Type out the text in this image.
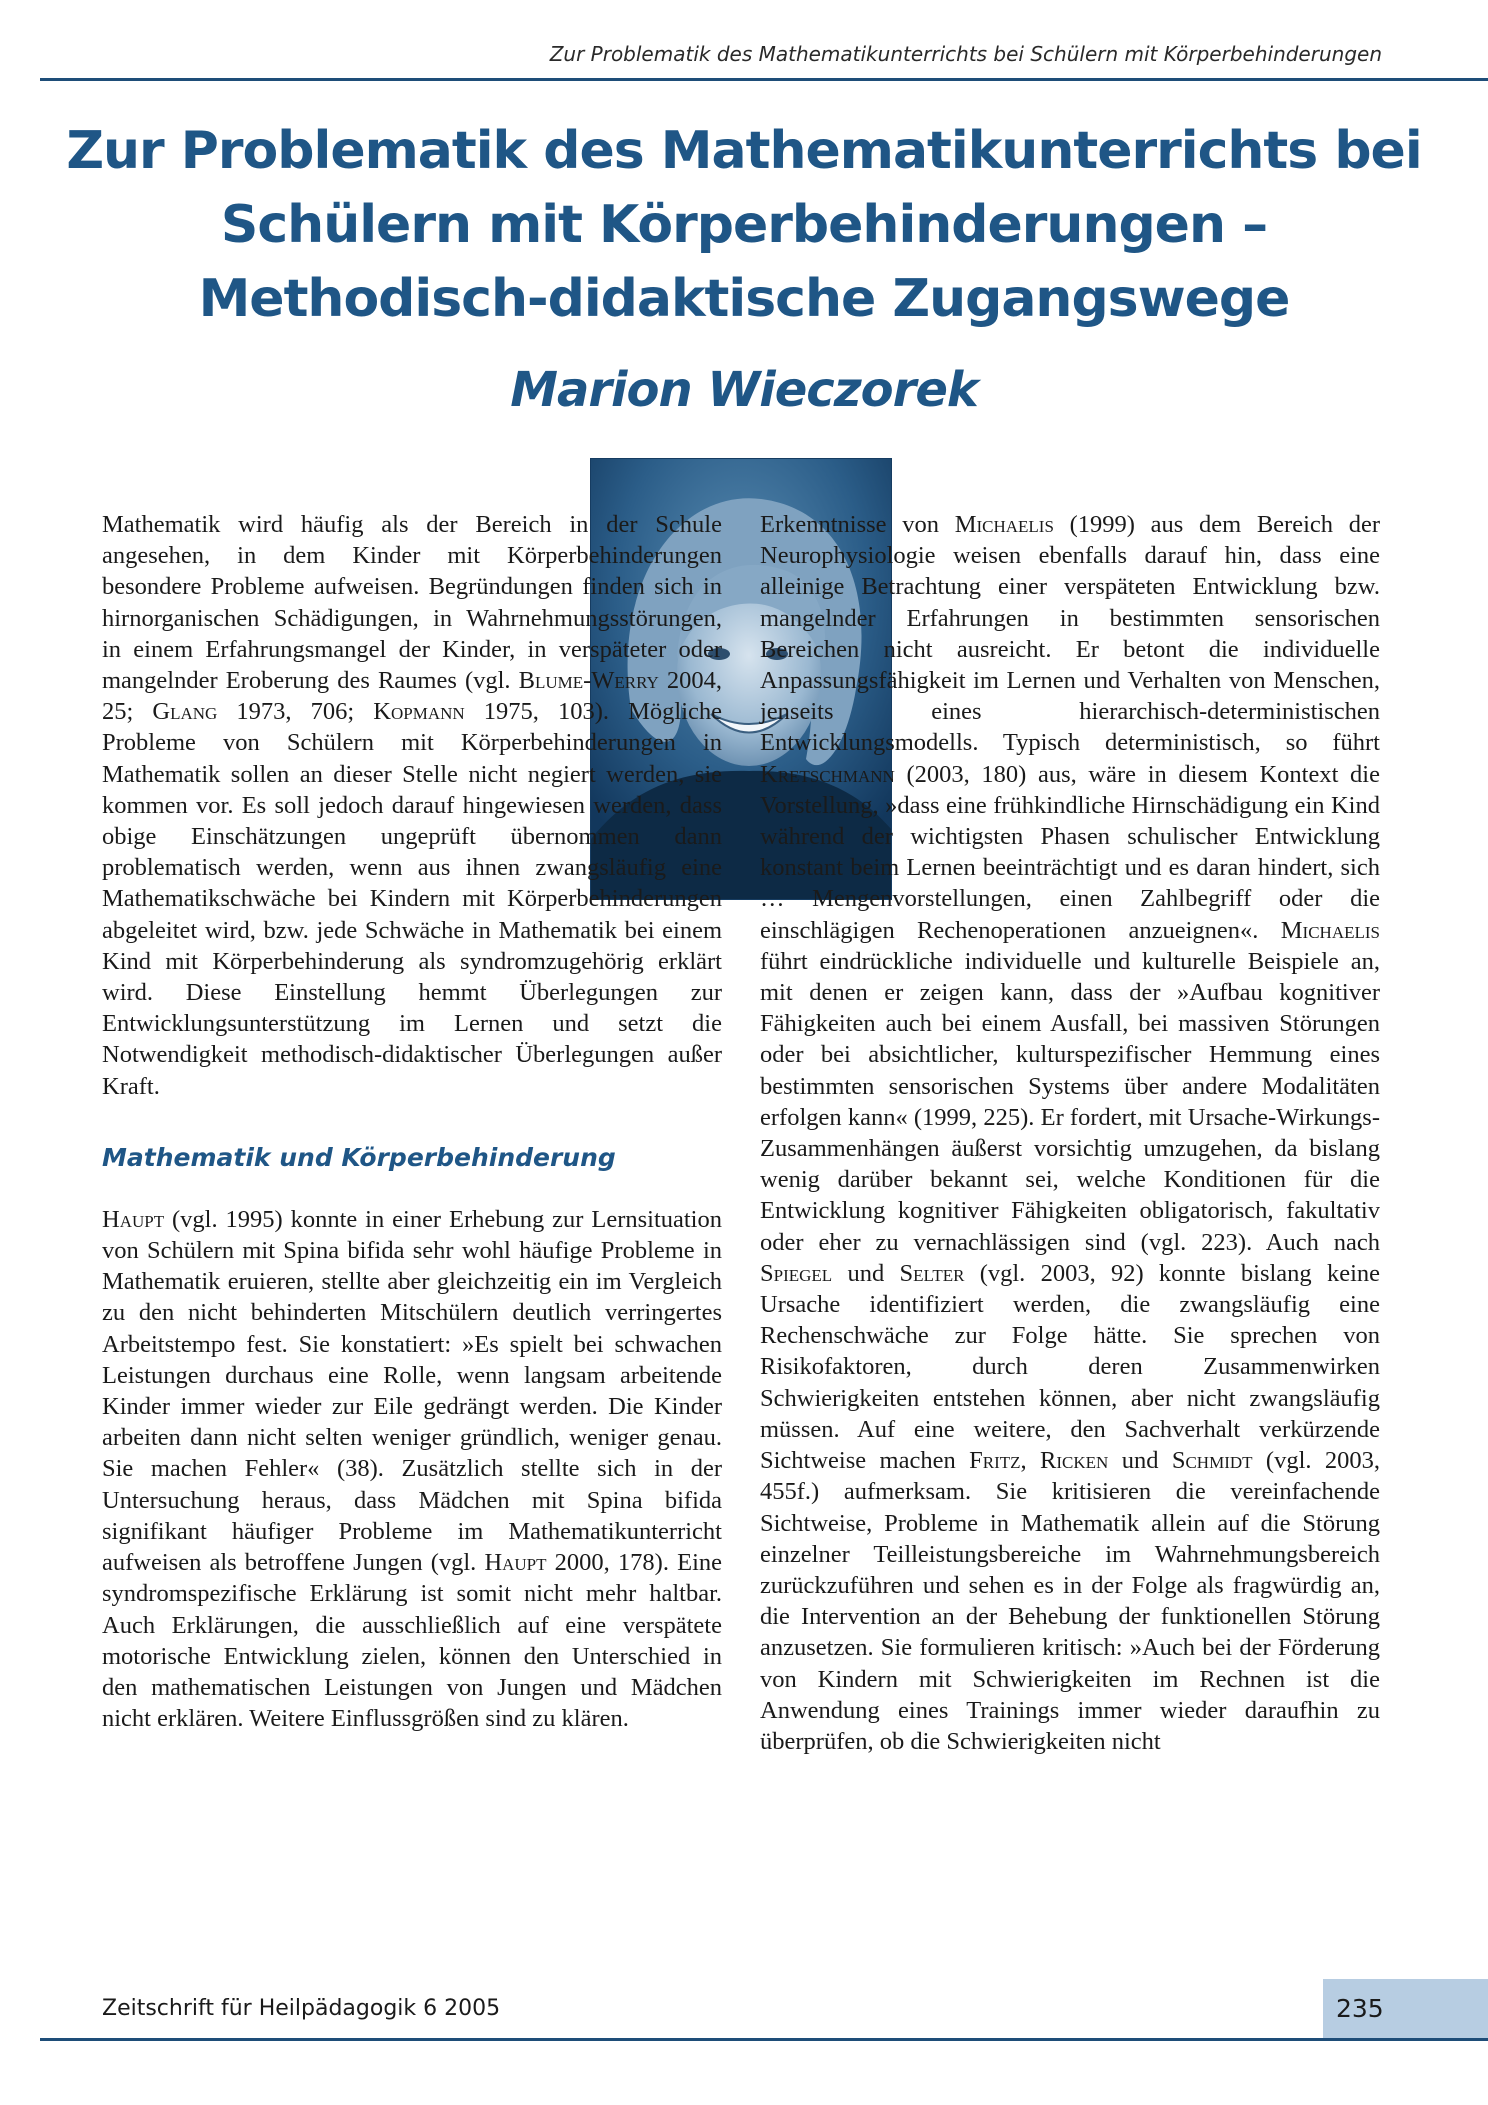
Zur Problematik des Mathematikunterrichts bei Schülern mit Körperbehinderungen
Zur Problematik des Mathematikunterrichts bei
Schülern mit Körperbehinderungen –
Methodisch-didaktische Zugangswege
Marion Wieczorek

Mathematik wird häufig als der Bereich in der Schule angesehen, in dem Kinder mit Körperbehinderungen besondere Probleme aufweisen. Begründungen finden sich in hirnorganischen Schädigungen, in Wahrnehmungsstörungen, in einem Erfahrungsmangel der Kinder, in verspäteter oder mangelnder Eroberung des Raumes (vgl. Blume-Werry 2004, 25; Glang 1973, 706; Kopmann 1975, 103). Mögliche Probleme von Schülern mit Körperbehinderungen in Mathematik sollen an dieser Stelle nicht negiert werden, sie kommen vor. Es soll jedoch darauf hingewiesen werden, dass obige Einschätzungen ungeprüft übernommen dann problematisch werden, wenn aus ihnen zwangsläufig eine Mathematikschwäche bei Kindern mit Körperbehinderungen abgeleitet wird, bzw. jede Schwäche in Mathematik bei einem Kind mit Körperbehinderung als syndromzugehörig erklärt wird. Diese Einstellung hemmt Überlegungen zur Entwicklungsunterstützung im Lernen und setzt die Notwendigkeit methodisch-didaktischer Überlegungen außer Kraft.

Mathematik und Körperbehinderung

Haupt (vgl. 1995) konnte in einer Erhebung zur Lernsituation von Schülern mit Spina bifida sehr wohl häufige Probleme in Mathematik eruieren, stellte aber gleichzeitig ein im Vergleich zu den nicht behinderten Mitschülern deutlich verringertes Arbeitstempo fest. Sie konstatiert: »Es spielt bei schwachen Leistungen durchaus eine Rolle, wenn langsam arbeitende Kinder immer wieder zur Eile gedrängt werden. Die Kinder arbeiten dann nicht selten weniger gründlich, weniger genau. Sie machen Fehler« (38). Zusätzlich stellte sich in der Untersuchung heraus, dass Mädchen mit Spina bifida signifikant häufiger Probleme im Mathematikunterricht aufweisen als betroffene Jungen (vgl. Haupt 2000, 178). Eine syndromspezifische Erklärung ist somit nicht mehr haltbar. Auch Erklärungen, die ausschließlich auf eine verspätete motorische Entwicklung zielen, können den Unterschied in den mathematischen Leistungen von Jungen und Mädchen nicht erklären. Weitere Einflussgrößen sind zu klären.

Erkenntnisse von Michaelis (1999) aus dem Bereich der Neurophysiologie weisen ebenfalls darauf hin, dass eine alleinige Betrachtung einer verspäteten Entwicklung bzw. mangelnder Erfahrungen in bestimmten sensorischen Bereichen nicht ausreicht. Er betont die individuelle Anpassungsfähigkeit im Lernen und Verhalten von Menschen, jenseits eines hierarchisch-deterministischen Entwicklungsmodells. Typisch deterministisch, so führt Kretschmann (2003, 180) aus, wäre in diesem Kontext die Vorstellung, »dass eine frühkindliche Hirnschädigung ein Kind während der wichtigsten Phasen schulischer Entwicklung konstant beim Lernen beeinträchtigt und es daran hindert, sich … Mengenvorstellungen, einen Zahlbegriff oder die einschlägigen Rechenoperationen anzueignen«. Michaelis führt eindrückliche individuelle und kulturelle Beispiele an, mit denen er zeigen kann, dass der »Aufbau kognitiver Fähigkeiten auch bei einem Ausfall, bei massiven Störungen oder bei absichtlicher, kulturspezifischer Hemmung eines bestimmten sensorischen Systems über andere Modalitäten erfolgen kann« (1999, 225). Er fordert, mit Ursache-Wirkungs-Zusammenhängen äußerst vorsichtig umzugehen, da bislang wenig darüber bekannt sei, welche Konditionen für die Entwicklung kognitiver Fähigkeiten obligatorisch, fakultativ oder eher zu vernachlässigen sind (vgl. 223). Auch nach Spiegel und Selter (vgl. 2003, 92) konnte bislang keine Ursache identifiziert werden, die zwangsläufig eine Rechenschwäche zur Folge hätte. Sie sprechen von Risikofaktoren, durch deren Zusammenwirken Schwierigkeiten entstehen können, aber nicht zwangsläufig müssen. Auf eine weitere, den Sachverhalt verkürzende Sichtweise machen Fritz, Ricken und Schmidt (vgl. 2003, 455f.) aufmerksam. Sie kritisieren die vereinfachende Sichtweise, Probleme in Mathematik allein auf die Störung einzelner Teilleistungsbereiche im Wahrnehmungsbereich zurückzuführen und sehen es in der Folge als fragwürdig an, die Intervention an der Behebung der funktionellen Störung anzusetzen. Sie formulieren kritisch: »Auch bei der Förderung von Kindern mit Schwierigkeiten im Rechnen ist die Anwendung eines Trainings immer wieder daraufhin zu überprüfen, ob die Schwierigkeiten nicht

Zeitschrift für Heilpädagogik 6 2005	235
